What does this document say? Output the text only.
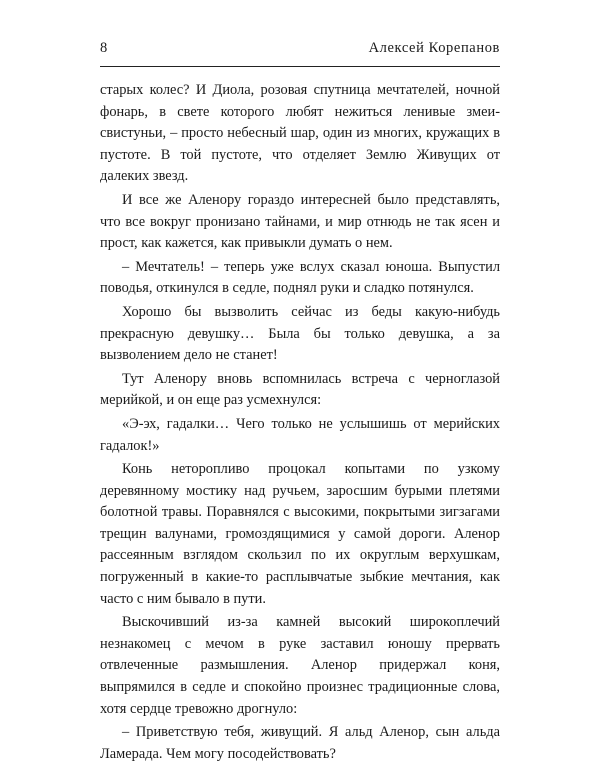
8	Алексей Корепанов

старых колес? И Диола, розовая спутница мечтателей, ночной фонарь, в свете которого любят нежиться ленивые змеи-свистуньи, – просто небесный шар, один из многих, кружащих в пустоте. В той пустоте, что отделяет Землю Живущих от далеких звезд.

И все же Аленору гораздо интересней было представлять, что все вокруг пронизано тайнами, и мир отнюдь не так ясен и прост, как кажется, как привыкли думать о нем.

– Мечтатель! – теперь уже вслух сказал юноша. Выпустил поводья, откинулся в седле, поднял руки и сладко потянулся.

Хорошо бы вызволить сейчас из беды какую-нибудь прекрасную девушку… Была бы только девушка, а за вызволением дело не станет!

Тут Аленору вновь вспомнилась встреча с черноглазой мерийкой, и он еще раз усмехнулся:

«Э-эх, гадалки… Чего только не услышишь от мерийских гадалок!»

Конь неторопливо процокал копытами по узкому деревянному мостику над ручьем, заросшим бурыми плетями болотной травы. Поравнялся с высокими, покрытыми зигзагами трещин валунами, громоздящимися у самой дороги. Аленор рассеянным взглядом скользил по их округлым верхушкам, погруженный в какие-то расплывчатые зыбкие мечтания, как часто с ним бывало в пути.

Выскочивший из-за камней высокий широкоплечий незнакомец с мечом в руке заставил юношу прервать отвлеченные размышления. Аленор придержал коня, выпрямился в седле и спокойно произнес традиционные слова, хотя сердце тревожно дрогнуло:

– Приветствую тебя, живущий. Я альд Аленор, сын альда Ламерада. Чем могу посодействовать?
